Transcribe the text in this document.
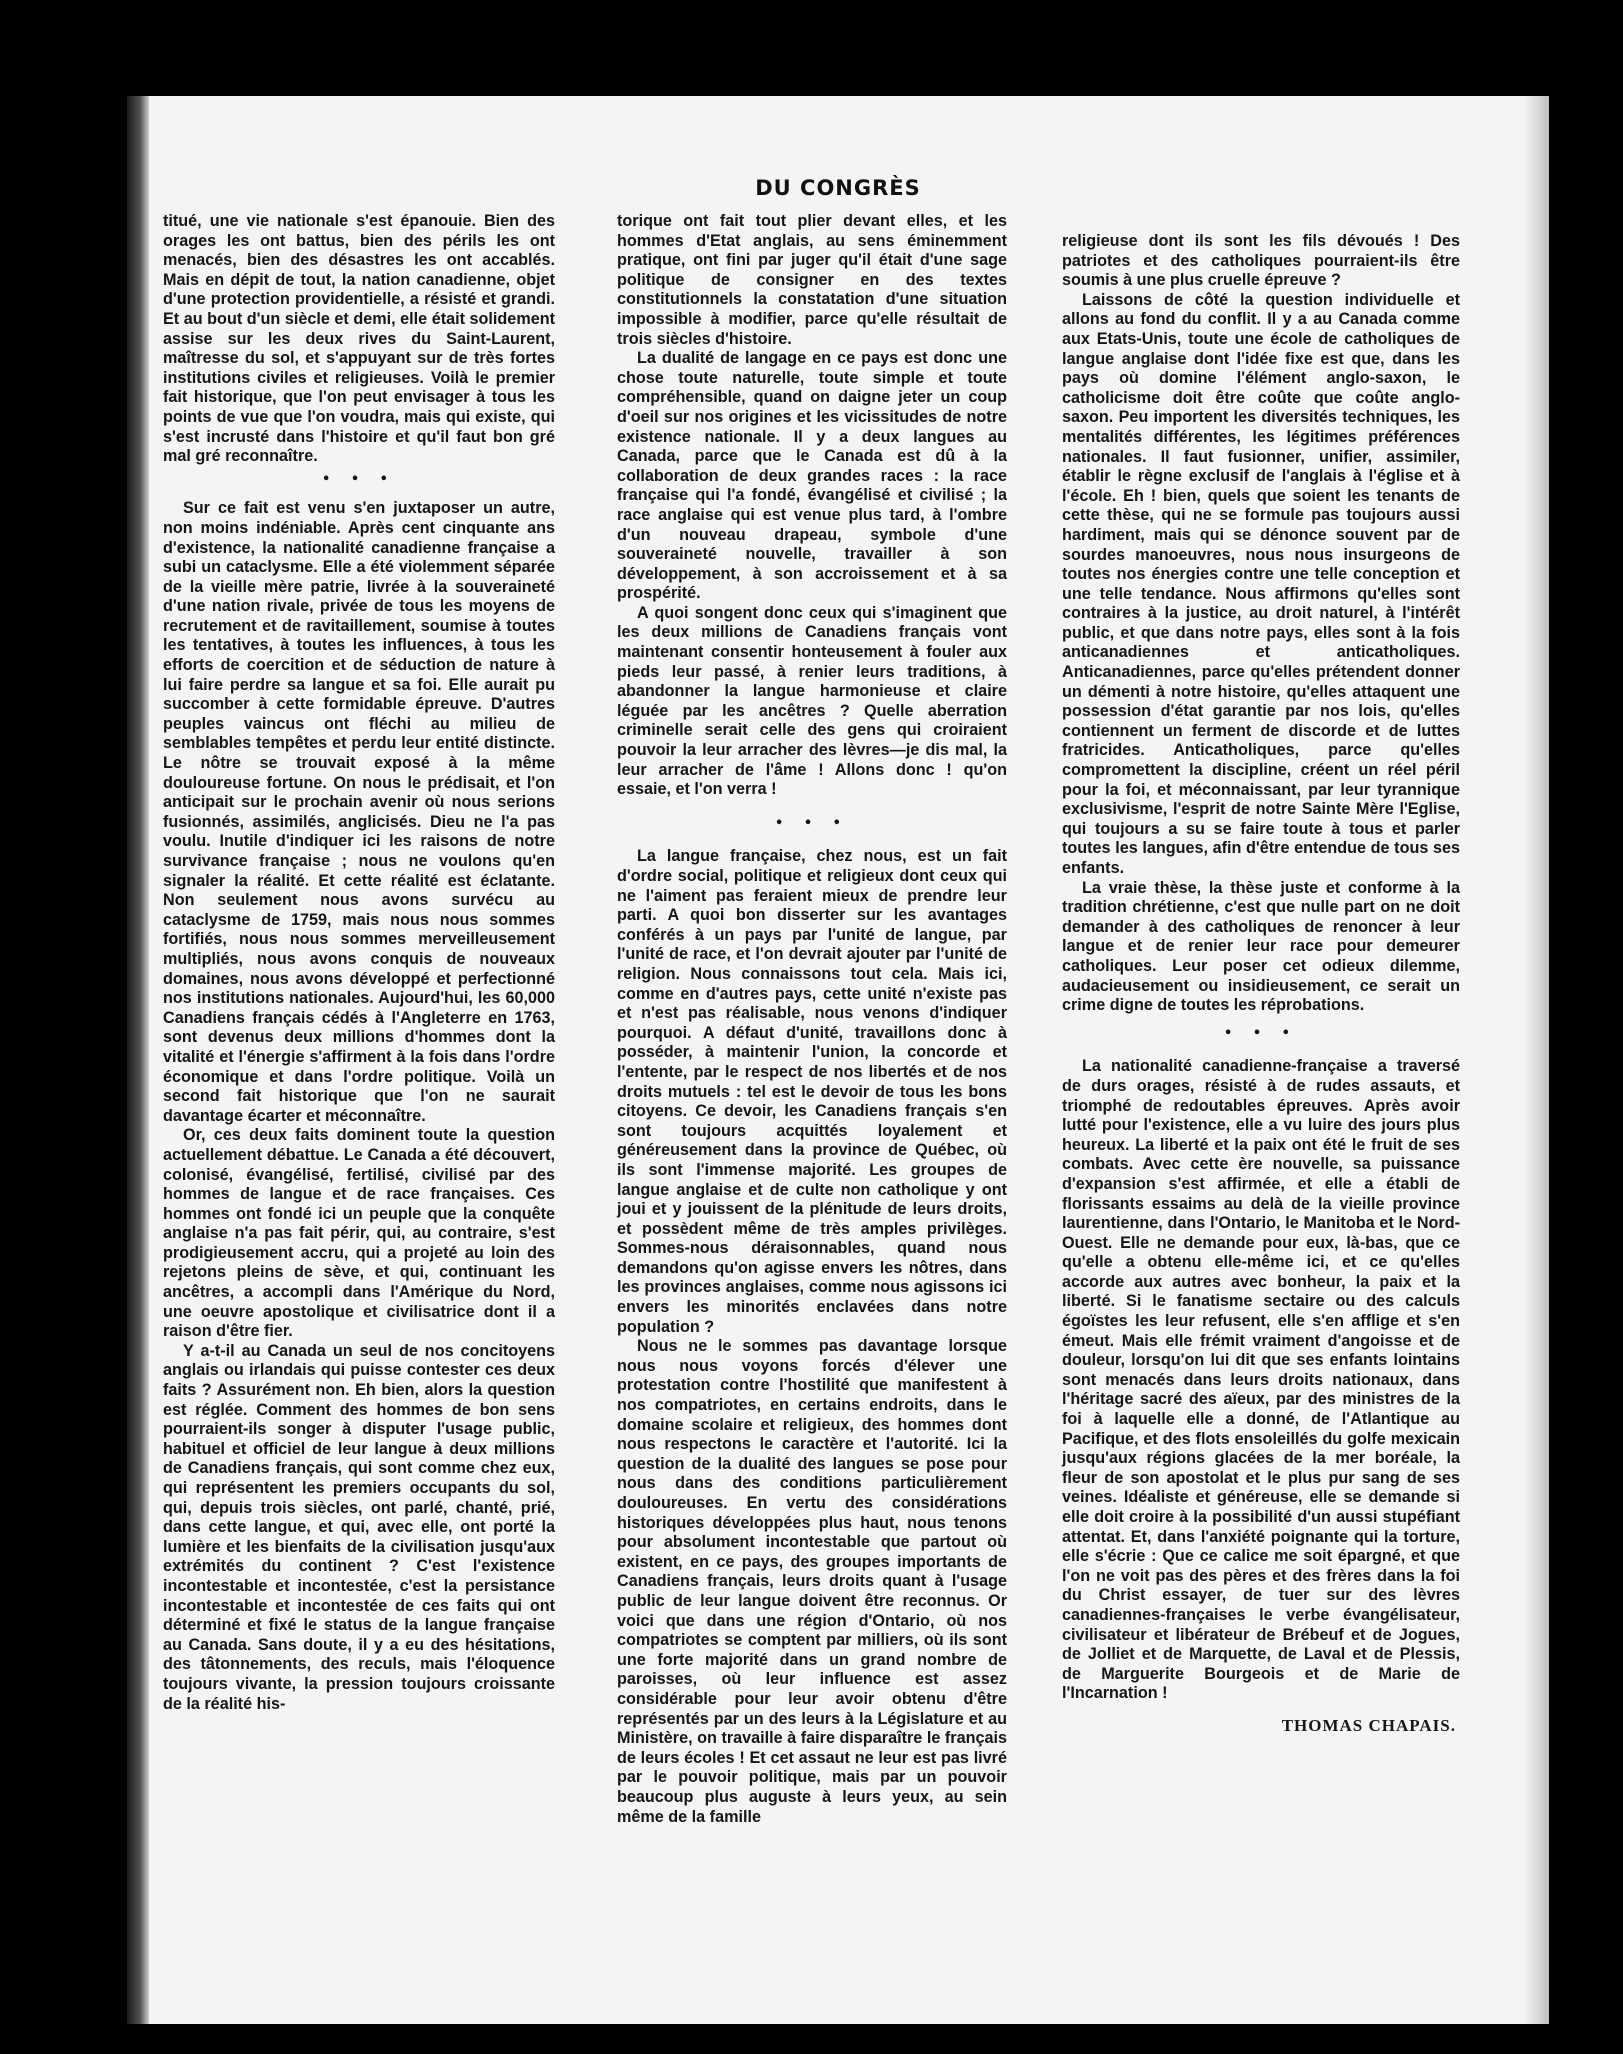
DU CONGRÈS

titué, une vie nationale s'est épanouie. Bien des orages les ont battus, bien des périls les ont menacés, bien des désastres les ont accablés. Mais en dépit de tout, la nation canadienne, objet d'une protection providentielle, a résisté et grandi. Et au bout d'un siècle et demi, elle était solidement assise sur les deux rives du Saint-Laurent, maîtresse du sol, et s'appuyant sur de très fortes institutions civiles et religieuses. Voilà le premier fait historique, que l'on peut envisager à tous les points de vue que l'on voudra, mais qui existe, qui s'est incrusté dans l'histoire et qu'il faut bon gré mal gré reconnaître.

• • •

Sur ce fait est venu s'en juxtaposer un autre, non moins indéniable. Après cent cinquante ans d'existence, la nationalité canadienne française a subi un cataclysme. Elle a été violemment séparée de la vieille mère patrie, livrée à la souveraineté d'une nation rivale, privée de tous les moyens de recrutement et de ravitaillement, soumise à toutes les tentatives, à toutes les influences, à tous les efforts de coercition et de séduction de nature à lui faire perdre sa langue et sa foi. Elle aurait pu succomber à cette formidable épreuve. D'autres peuples vaincus ont fléchi au milieu de semblables tempêtes et perdu leur entité distincte. Le nôtre se trouvait exposé à la même douloureuse fortune. On nous le prédisait, et l'on anticipait sur le prochain avenir où nous serions fusionnés, assimilés, anglicisés. Dieu ne l'a pas voulu. Inutile d'indiquer ici les raisons de notre survivance française ; nous ne voulons qu'en signaler la réalité. Et cette réalité est éclatante. Non seulement nous avons survécu au cataclysme de 1759, mais nous nous sommes fortifiés, nous nous sommes merveilleusement multipliés, nous avons conquis de nouveaux domaines, nous avons développé et perfectionné nos institutions nationales. Aujourd'hui, les 60,000 Canadiens français cédés à l'Angleterre en 1763, sont devenus deux millions d'hommes dont la vitalité et l'énergie s'affirment à la fois dans l'ordre économique et dans l'ordre politique. Voilà un second fait historique que l'on ne saurait davantage écarter et méconnaître.

Or, ces deux faits dominent toute la question actuellement débattue. Le Canada a été découvert, colonisé, évangélisé, fertilisé, civilisé par des hommes de langue et de race françaises. Ces hommes ont fondé ici un peuple que la conquête anglaise n'a pas fait périr, qui, au contraire, s'est prodigieusement accru, qui a projeté au loin des rejetons pleins de sève, et qui, continuant les ancêtres, a accompli dans l'Amérique du Nord, une oeuvre apostolique et civilisatrice dont il a raison d'être fier.

Y a-t-il au Canada un seul de nos concitoyens anglais ou irlandais qui puisse contester ces deux faits ? Assurément non. Eh bien, alors la question est réglée. Comment des hommes de bon sens pourraient-ils songer à disputer l'usage public, habituel et officiel de leur langue à deux millions de Canadiens français, qui sont comme chez eux, qui représentent les premiers occupants du sol, qui, depuis trois siècles, ont parlé, chanté, prié, dans cette langue, et qui, avec elle, ont porté la lumière et les bienfaits de la civilisation jusqu'aux extrémités du continent ? C'est l'existence incontestable et incontestée, c'est la persistance incontestable et incontestée de ces faits qui ont déterminé et fixé le status de la langue française au Canada. Sans doute, il y a eu des hésitations, des tâtonnements, des reculs, mais l'éloquence toujours vivante, la pression toujours croissante de la réalité his-

torique ont fait tout plier devant elles, et les hommes d'Etat anglais, au sens éminemment pratique, ont fini par juger qu'il était d'une sage politique de consigner en des textes constitutionnels la constatation d'une situation impossible à modifier, parce qu'elle résultait de trois siècles d'histoire.

La dualité de langage en ce pays est donc une chose toute naturelle, toute simple et toute compréhensible, quand on daigne jeter un coup d'oeil sur nos origines et les vicissitudes de notre existence nationale. Il y a deux langues au Canada, parce que le Canada est dû à la collaboration de deux grandes races : la race française qui l'a fondé, évangélisé et civilisé ; la race anglaise qui est venue plus tard, à l'ombre d'un nouveau drapeau, symbole d'une souveraineté nouvelle, travailler à son développement, à son accroissement et à sa prospérité.

A quoi songent donc ceux qui s'imaginent que les deux millions de Canadiens français vont maintenant consentir honteusement à fouler aux pieds leur passé, à renier leurs traditions, à abandonner la langue harmonieuse et claire léguée par les ancêtres ? Quelle aberration criminelle serait celle des gens qui croiraient pouvoir la leur arracher des lèvres—je dis mal, la leur arracher de l'âme ! Allons donc ! qu'on essaie, et l'on verra !

• • •

La langue française, chez nous, est un fait d'ordre social, politique et religieux dont ceux qui ne l'aiment pas feraient mieux de prendre leur parti. A quoi bon disserter sur les avantages conférés à un pays par l'unité de langue, par l'unité de race, et l'on devrait ajouter par l'unité de religion. Nous connaissons tout cela. Mais ici, comme en d'autres pays, cette unité n'existe pas et n'est pas réalisable, nous venons d'indiquer pourquoi. A défaut d'unité, travaillons donc à posséder, à maintenir l'union, la concorde et l'entente, par le respect de nos libertés et de nos droits mutuels : tel est le devoir de tous les bons citoyens. Ce devoir, les Canadiens français s'en sont toujours acquittés loyalement et généreusement dans la province de Québec, où ils sont l'immense majorité. Les groupes de langue anglaise et de culte non catholique y ont joui et y jouissent de la plénitude de leurs droits, et possèdent même de très amples privilèges. Sommes-nous déraisonnables, quand nous demandons qu'on agisse envers les nôtres, dans les provinces anglaises, comme nous agissons ici envers les minorités enclavées dans notre population ?

Nous ne le sommes pas davantage lorsque nous nous voyons forcés d'élever une protestation contre l'hostilité que manifestent à nos compatriotes, en certains endroits, dans le domaine scolaire et religieux, des hommes dont nous respectons le caractère et l'autorité. Ici la question de la dualité des langues se pose pour nous dans des conditions particulièrement douloureuses. En vertu des considérations historiques développées plus haut, nous tenons pour absolument incontestable que partout où existent, en ce pays, des groupes importants de Canadiens français, leurs droits quant à l'usage public de leur langue doivent être reconnus. Or voici que dans une région d'Ontario, où nos compatriotes se comptent par milliers, où ils sont une forte majorité dans un grand nombre de paroisses, où leur influence est assez considérable pour leur avoir obtenu d'être représentés par un des leurs à la Législature et au Ministère, on travaille à faire disparaître le français de leurs écoles ! Et cet assaut ne leur est pas livré par le pouvoir politique, mais par un pouvoir beaucoup plus auguste à leurs yeux, au sein même de la famille

religieuse dont ils sont les fils dévoués ! Des patriotes et des catholiques pourraient-ils être soumis à une plus cruelle épreuve ?

Laissons de côté la question individuelle et allons au fond du conflit. Il y a au Canada comme aux Etats-Unis, toute une école de catholiques de langue anglaise dont l'idée fixe est que, dans les pays où domine l'élément anglo-saxon, le catholicisme doit être coûte que coûte anglo-saxon. Peu importent les diversités techniques, les mentalités différentes, les légitimes préférences nationales. Il faut fusionner, unifier, assimiler, établir le règne exclusif de l'anglais à l'église et à l'école. Eh ! bien, quels que soient les tenants de cette thèse, qui ne se formule pas toujours aussi hardiment, mais qui se dénonce souvent par de sourdes manoeuvres, nous nous insurgeons de toutes nos énergies contre une telle conception et une telle tendance. Nous affirmons qu'elles sont contraires à la justice, au droit naturel, à l'intérêt public, et que dans notre pays, elles sont à la fois anticanadiennes et anticatholiques. Anticanadiennes, parce qu'elles prétendent donner un démenti à notre histoire, qu'elles attaquent une possession d'état garantie par nos lois, qu'elles contiennent un ferment de discorde et de luttes fratricides. Anticatholiques, parce qu'elles compromettent la discipline, créent un réel péril pour la foi, et méconnaissant, par leur tyrannique exclusivisme, l'esprit de notre Sainte Mère l'Eglise, qui toujours a su se faire toute à tous et parler toutes les langues, afin d'être entendue de tous ses enfants.

La vraie thèse, la thèse juste et conforme à la tradition chrétienne, c'est que nulle part on ne doit demander à des catholiques de renoncer à leur langue et de renier leur race pour demeurer catholiques. Leur poser cet odieux dilemme, audacieusement ou insidieusement, ce serait un crime digne de toutes les réprobations.

• • •

La nationalité canadienne-française a traversé de durs orages, résisté à de rudes assauts, et triomphé de redoutables épreuves. Après avoir lutté pour l'existence, elle a vu luire des jours plus heureux. La liberté et la paix ont été le fruit de ses combats. Avec cette ère nouvelle, sa puissance d'expansion s'est affirmée, et elle a établi de florissants essaims au delà de la vieille province laurentienne, dans l'Ontario, le Manitoba et le Nord-Ouest. Elle ne demande pour eux, là-bas, que ce qu'elle a obtenu elle-même ici, et ce qu'elles accorde aux autres avec bonheur, la paix et la liberté. Si le fanatisme sectaire ou des calculs égoïstes les leur refusent, elle s'en afflige et s'en émeut. Mais elle frémit vraiment d'angoisse et de douleur, lorsqu'on lui dit que ses enfants lointains sont menacés dans leurs droits nationaux, dans l'héritage sacré des aïeux, par des ministres de la foi à laquelle elle a donné, de l'Atlantique au Pacifique, et des flots ensoleillés du golfe mexicain jusqu'aux régions glacées de la mer boréale, la fleur de son apostolat et le plus pur sang de ses veines. Idéaliste et généreuse, elle se demande si elle doit croire à la possibilité d'un aussi stupéfiant attentat. Et, dans l'anxiété poignante qui la torture, elle s'écrie : Que ce calice me soit épargné, et que l'on ne voit pas des pères et des frères dans la foi du Christ essayer, de tuer sur des lèvres canadiennes-françaises le verbe évangélisateur, civilisateur et libérateur de Brébeuf et de Jogues, de Jolliet et de Marquette, de Laval et de Plessis, de Marguerite Bourgeois et de Marie de l'Incarnation !

THOMAS CHAPAIS.
